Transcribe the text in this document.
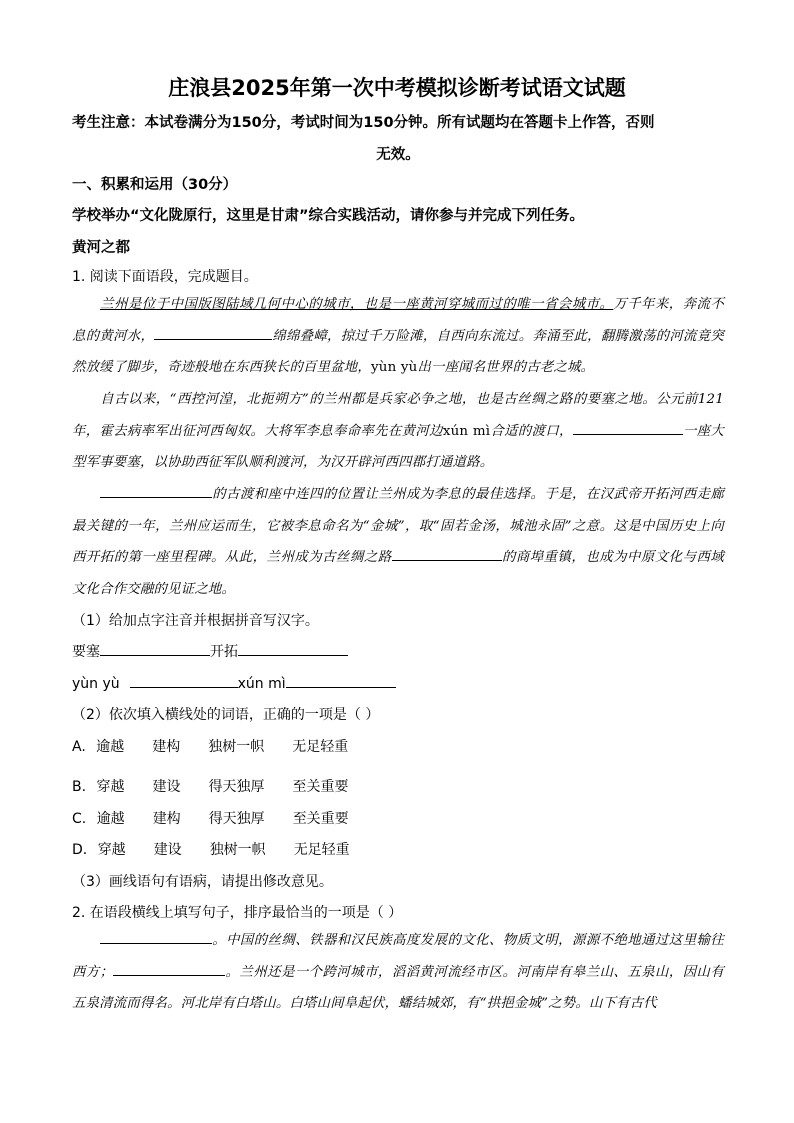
庄浪县2025年第一次中考模拟诊断考试语文试题
考生注意：本试卷满分为150分，考试时间为150分钟。所有试题均在答题卡上作答，否则
无效。
一、积累和运用（30分）
学校举办“文化陇原行，这里是甘肃”综合实践活动，请你参与并完成下列任务。
黄河之都
1. 阅读下面语段，完成题目。
兰州是位于中国版图陆域几何中心的城市，也是一座黄河穿城而过的唯一省会城市。万千年来，奔流不息的黄河水，	绵绵叠嶂，掠过千万险滩，自西向东流过。奔涌至此，翻腾激荡的河流竟突然放缓了脚步，奇迹般地在东西狭长的百里盆地，yùn yù出一座闻名世界的古老之城。
自古以来，“西控河湟，北扼朔方”的兰州都是兵家必争之地，也是古丝绸之路的要塞之地。公元前121年，霍去病率军出征河西匈奴。大将军李息奉命率先在黄河边xún mì合适的渡口，	一座大型军事要塞，以协助西征军队顺利渡河，为汉开辟河西四郡打通道路。
的古渡和座中连四的位置让兰州成为李息的最佳选择。于是，在汉武帝开拓河西走廊最关键的一年，兰州应运而生，它被李息命名为“金城”，取“固若金汤，城池永固”之意。这是中国历史上向西开拓的第一座里程碑。从此，兰州成为古丝绸之路	的商埠重镇，也成为中原文化与西域文化合作交融的见证之地。
（1）给加点字注音并根据拼音写汉字。
要塞	开拓
yùn yù	xún mì
（2）依次填入横线处的词语，正确的一项是（ ）
A. 逾越 建构 独树一帜 无足轻重
B. 穿越 建设 得天独厚 至关重要
C. 逾越 建构 得天独厚 至关重要
D. 穿越 建设 独树一帜 无足轻重
（3）画线语句有语病，请提出修改意见。
2. 在语段横线上填写句子，排序最恰当的一项是（ ）
。中国的丝绸、铁器和汉民族高度发展的文化、物质文明，源源不绝地通过这里输往西方；	。兰州还是一个跨河城市，滔滔黄河流经市区。河南岸有皋兰山、五泉山，因山有五泉清流而得名。河北岸有白塔山。白塔山间阜起伏，蟠结城郊，有“拱挹金城”之势。山下有古代
